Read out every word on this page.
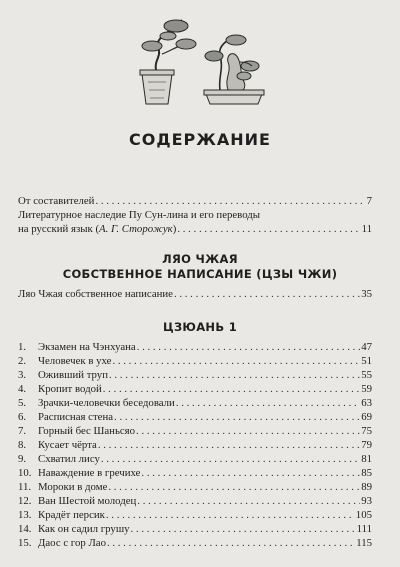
СОДЕРЖАНИЕ
От составителей . . .	7
Литературное наследие Пу Сун-лина и его переводы
на русский язык (А. Г. Сторожук) . . .	11
ЛЯО ЧЖАЯ
СОБСТВЕННОЕ НАПИСАНИЕ (ЦЗЫ ЧЖИ)
Ляо Чжая собственное написание . . .	35
ЦЗЮАНЬ 1
1.	Экзамен на Чэнхуана . . .	47
2.	Человечек в ухе . . .	51
3.	Оживший труп . . .	55
4.	Кропит водой . . .	59
5.	Зрачки-человечки беседовали . . .	63
6.	Расписная стена . . .	69
7.	Горный бес Шаньсяо . . .	75
8.	Кусает чёрта . . .	79
9.	Схватил лису . . .	81
10. Наваждение в гречихе . . .	85
11. Мороки в доме . . .	89
12. Ван Шестой молодец . . .	93
13. Крадёт персик . . .	105
14. Как он садил грушу . . .	111
15. Даос с гор Лао . . .	115
